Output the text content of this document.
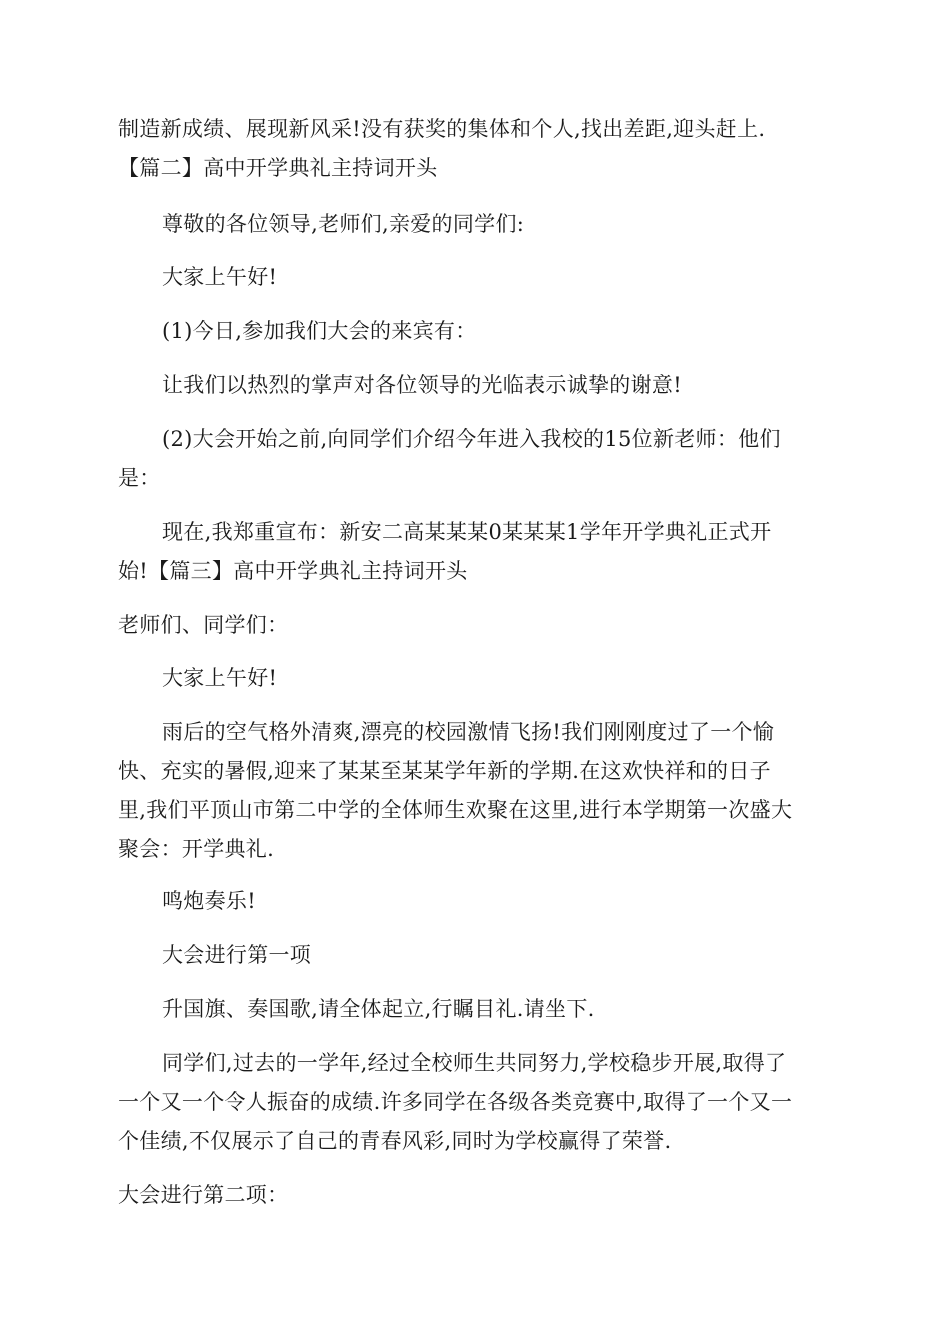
制造新成绩、展现新风采!没有获奖的集体和个人,找出差距,迎头赶上.
【篇二】高中开学典礼主持词开头
尊敬的各位领导,老师们,亲爱的同学们:
大家上午好!
(1)今日,参加我们大会的来宾有：
让我们以热烈的掌声对各位领导的光临表示诚挚的谢意!
(2)大会开始之前,向同学们介绍今年进入我校的15位新老师：他们
是：
现在,我郑重宣布：新安二高某某某0某某某1学年开学典礼正式开
始!【篇三】高中开学典礼主持词开头
老师们、同学们：
大家上午好!
雨后的空气格外清爽,漂亮的校园激情飞扬!我们刚刚度过了一个愉
快、充实的暑假,迎来了某某至某某学年新的学期.在这欢快祥和的日子
里,我们平顶山市第二中学的全体师生欢聚在这里,进行本学期第一次盛大
聚会：开学典礼.
鸣炮奏乐!
大会进行第一项
升国旗、奏国歌,请全体起立,行瞩目礼.请坐下.
同学们,过去的一学年,经过全校师生共同努力,学校稳步开展,取得了
一个又一个令人振奋的成绩.许多同学在各级各类竞赛中,取得了一个又一
个佳绩,不仅展示了自己的青春风彩,同时为学校赢得了荣誉.
大会进行第二项：
